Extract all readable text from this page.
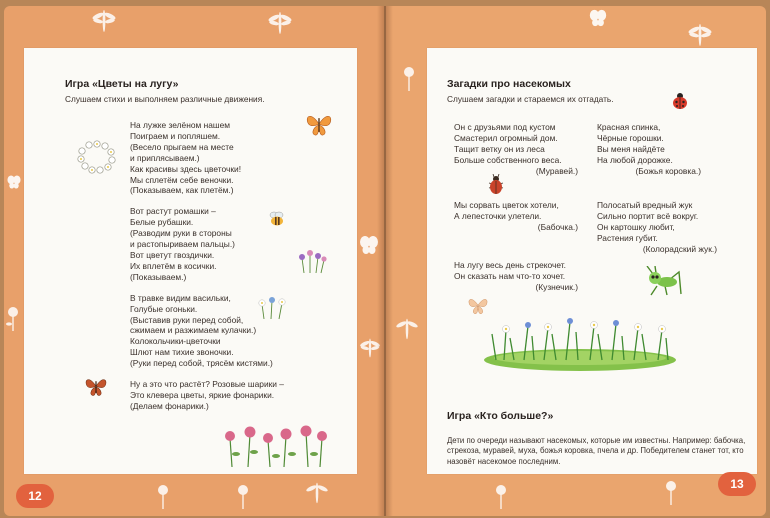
Игра «Цветы на лугу»

Слушаем стихи и выполняем различные движения.

На лужке зелёном нашем
Поиграем и попляшем.
(Весело прыгаем на месте
и приплясываем.)
Как красивы здесь цветочки!
Мы сплетём себе веночки.
(Показываем, как плетём.)
Вот растут ромашки –
Белые рубашки.
(Разводим руки в стороны
и растопыриваем пальцы.)
Вот цветут гвоздички.
Их вплетём в косички.
(Показываем.)
В травке видим васильки,
Голубые огоньки.
(Выставив руки перед собой,
сжимаем и разжимаем кулачки.)
Колокольчики-цветочки
Шлют нам тихие звоночки.
(Руки перед собой, трясём кистями.)
Ну а это что растёт? Розовые шарики –
Это клевера цветы, яркие фонарики.
(Делаем фонарики.)
12
Загадки про насекомых

Слушаем загадки и стараемся их отгадать.

Он с друзьями под кустом
Смастерил огромный дом.
Тащит ветку он из леса
Больше собственного веса.
(Муравей.)
Красная спинка,
Чёрные горошки.
Вы меня найдёте
На любой дорожке.
(Божья коровка.)
Мы сорвать цветок хотели,
А лепесточки улетели.
(Бабочка.)
Полосатый вредный жук
Сильно портит всё вокруг.
Он картошку любит,
Растения губит.
(Колорадский жук.)
На лугу весь день стрекочет.
Он сказать нам что-то хочет.
(Кузнечик.)
Игра «Кто больше?»

Дети по очереди называют насекомых, которые им известны. Например: бабочка, стрекоза, муравей, муха, божья коровка, пчела и др. Победителем станет тот, кто назовёт насекомое последним.

13
